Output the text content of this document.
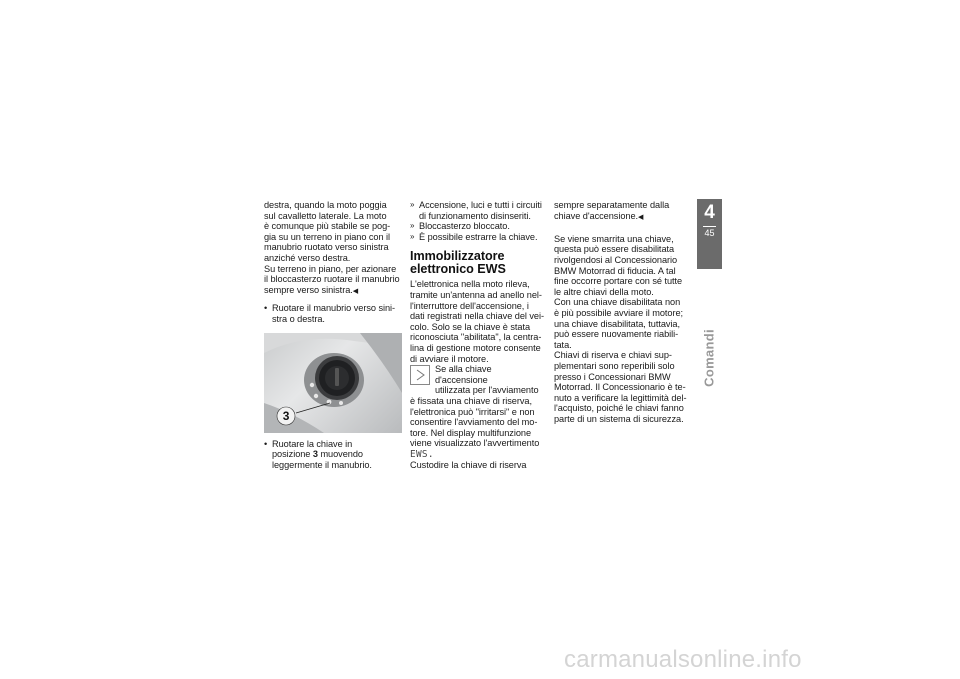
destra, quando la moto poggia
sul cavalletto laterale. La moto
è comunque più stabile se pog-
gia su un terreno in piano con il
manubrio ruotato verso sinistra
anziché verso destra.

Su terreno in piano, per azionare
il bloccasterzo ruotare il manubrio
sempre verso sinistra.◀

• Ruotare il manubrio verso sini-
stra o destra.
3
• Ruotare la chiave in
posizione 3 muovendo
leggermente il manubrio.
» Accensione, luci e tutti i circuiti
di funzionamento disinseriti.
» Bloccasterzo bloccato.
» È possibile estrarre la chiave.
Immobilizzatore
elettronico EWS

L'elettronica nella moto rileva,
tramite un'antenna ad anello nel-
l'interruttore dell'accensione, i
dati registrati nella chiave del vei-
colo. Solo se la chiave è stata
riconosciuta "abilitata", la centra-
lina di gestione motore consente
di avviare il motore.

Se alla chiave d'accensione
utilizzata per l'avviamento
è fissata una chiave di riserva,
l'elettronica può "irritarsi" e non
consentire l'avviamento del mo-
tore. Nel display multifunzione
viene visualizzato l'avvertimento
EWS.
Custodire la chiave di riserva

sempre separatamente dalla
chiave d'accensione.◀

Se viene smarrita una chiave,
questa può essere disabilitata
rivolgendosi al Concessionario
BMW Motorrad di fiducia. A tal
fine occorre portare con sé tutte
le altre chiavi della moto.

Con una chiave disabilitata non
è più possibile avviare il motore;
una chiave disabilitata, tuttavia,
può essere nuovamente riabili-
tata.

Chiavi di riserva e chiavi sup-
plementari sono reperibili solo
presso i Concessionari BMW
Motorrad. Il Concessionario è te-
nuto a verificare la legittimità del-
l'acquisto, poiché le chiavi fanno
parte di un sistema di sicurezza.

4
45
Comandi
carmanualsonline.info
